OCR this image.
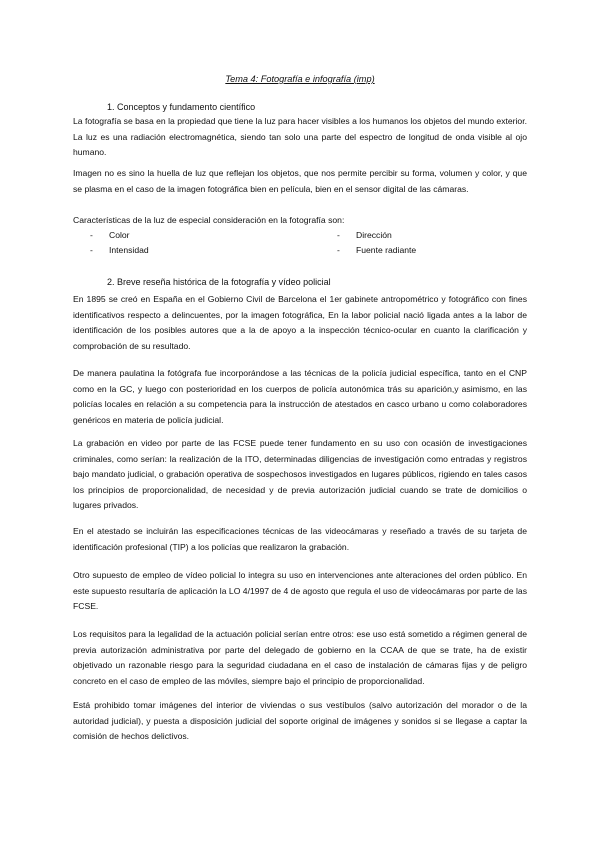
Tema 4: Fotografía e infografía (imp)
1. Conceptos y fundamento científico
La fotografía se basa en la propiedad que tiene la luz para hacer visibles a los humanos los objetos del mundo exterior. La luz es una radiación electromagnética, siendo tan solo una parte del espectro de longitud de onda visible al ojo humano.
Imagen no es sino la huella de luz que reflejan los objetos, que nos permite percibir su forma, volumen y color, y que se plasma en el caso de la imagen fotográfica bien en película, bien en el sensor digital de las cámaras.
Características de la luz de especial consideración en la fotografía son:
- Color
- Intensidad
- Dirección
- Fuente radiante
2. Breve reseña histórica de la fotografía y vídeo policial
En 1895 se creó en España en el Gobierno Civil de Barcelona el 1er gabinete antropométrico y fotográfico con fines identificativos respecto a delincuentes, por la imagen fotográfica, En la labor policial nació ligada antes a la labor de identificación de los posibles autores que a la de apoyo a la inspección técnico-ocular en cuanto la clarificación y comprobación de su resultado.
De manera paulatina la fotógrafa fue incorporándose a las técnicas de la policía judicial específica, tanto en el CNP como en la GC, y luego con posterioridad en los cuerpos de policía autonómica trás su aparición,y asimismo, en las policías locales en relación a su competencia para la instrucción de atestados en casco urbano u como colaboradores genéricos en materia de policía judicial.
La grabación en video por parte de las FCSE puede tener fundamento en su uso con ocasión de investigaciones criminales, como serían: la realización de la ITO, determinadas diligencias de investigación como entradas y registros bajo mandato judicial, o grabación operativa de sospechosos investigados en lugares públicos, rigiendo en tales casos los principios de proporcionalidad, de necesidad y de previa autorización judicial cuando se trate de domicilios o lugares privados.
En el atestado se incluirán las especificaciones técnicas de las videocámaras y reseñado a través de su tarjeta de identificación profesional (TIP) a los policías que realizaron la grabación.
Otro supuesto de empleo de vídeo policial lo integra su uso en intervenciones ante alteraciones del orden público. En este supuesto resultaría de aplicación la LO 4/1997 de 4 de agosto que regula el uso de videocámaras por parte de las FCSE.
Los requisitos para la legalidad de la actuación policial serían entre otros: ese uso está sometido a régimen general de previa autorización administrativa por parte del delegado de gobierno en la CCAA de que se trate, ha de existir objetivado un razonable riesgo para la seguridad ciudadana en el caso de instalación de cámaras fijas y de peligro concreto en el caso de empleo de las móviles, siempre bajo el principio de proporcionalidad.
Está prohibido tomar imágenes del interior de viviendas o sus vestíbulos (salvo autorización del morador o de la autoridad judicial), y puesta a disposición judicial del soporte original de imágenes y sonidos si se llegase a captar la comisión de hechos delictivos.
